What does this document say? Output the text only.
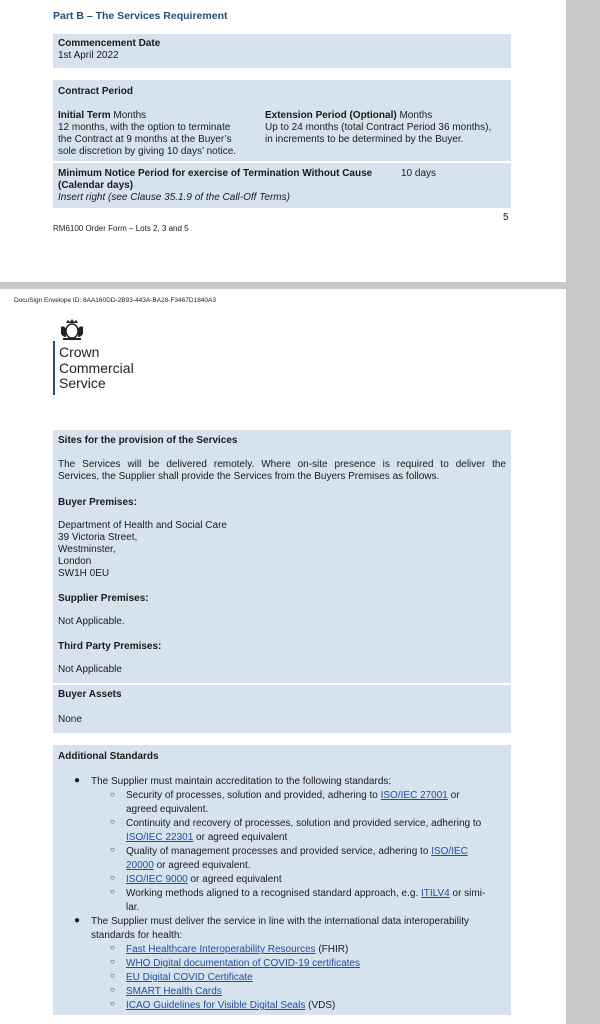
Part B – The Services Requirement
Commencement Date
1st April 2022
Contract Period
Initial Term Months
12 months, with the option to terminate
the Contract at 9 months at the Buyer’s
sole discretion by giving 10 days’ notice.
Extension Period (Optional) Months
Up to 24 months (total Contract Period 36 months),
in increments to be determined by the Buyer.
Minimum Notice Period for exercise of Termination Without Cause
(Calendar days)
Insert right (see Clause 35.1.9 of the Call-Off Terms)
10 days
5
RM6100 Order Form – Lots 2, 3 and 5
DocuSign Envelope ID: 8AA160DD-2B93-443A-BA28-F3467D1840A3
Crown
Commercial
Service
Sites for the provision of the Services
The Services will be delivered remotely. Where on-site presence is required to deliver the
Services, the Supplier shall provide the Services from the Buyers Premises as follows.
Buyer Premises:
Department of Health and Social Care
39 Victoria Street,
Westminster,
London
SW1H 0EU
Supplier Premises:
Not Applicable.
Third Party Premises:
Not Applicable
Buyer Assets
None
Additional Standards
● The Supplier must maintain accreditation to the following standards:
○ Security of processes, solution and provided, adhering to ISO/IEC 27001 or
agreed equivalent.
○ Continuity and recovery of processes, solution and provided service, adhering to
ISO/IEC 22301 or agreed equivalent
○ Quality of management processes and provided service, adhering to ISO/IEC
20000 or agreed equivalent.
○ ISO/IEC 9000 or agreed equivalent
○ Working methods aligned to a recognised standard approach, e.g. ITILV4 or simi-
lar.
● The Supplier must deliver the service in line with the international data interoperability
standards for health:
○ Fast Healthcare Interoperability Resources (FHIR)
○ WHO Digital documentation of COVID-19 certificates
○ EU Digital COVID Certificate
○ SMART Health Cards
○ ICAO Guidelines for Visible Digital Seals (VDS)
